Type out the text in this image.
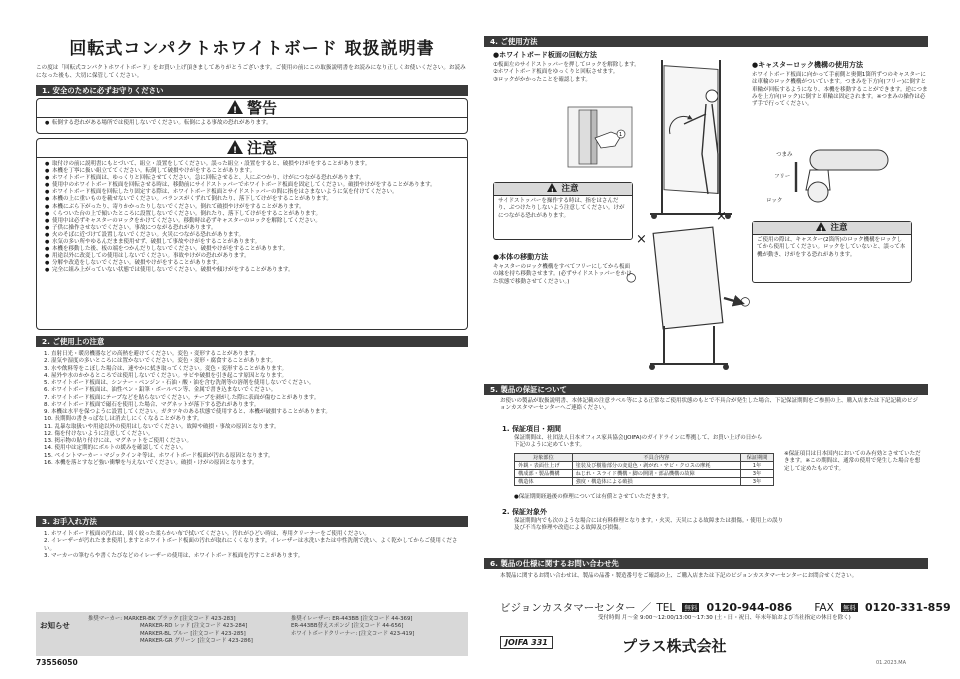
回転式コンパクトホワイトボード 取扱説明書
この度は「回転式コンパクトホワイトボード」をお買い上げ頂きましてありがとうございます。ご使用の前にこの取扱説明書をお読みになり正しくお使いください。お読みになった後も、大切に保管してください。
1. 安全のために必ずお守りください
!警告
● 転倒する恐れがある場所では使用しないでください。転倒による事故の恐れがあります。
!注意
● 取付けの前に説明書にもとづいて、組立・設置をしてください。誤った組立・設置をすると、破損やけがをすることがあります。
● 本機を丁寧に扱い組立ててください。転倒して破損やけがをすることがあります。
● ホワイトボード板面は、ゆっくりと回転させてください。急に回転させると、人にぶつかり、けがにつながる恐れがあります。
● 使用中のホワイトボード板面を回転させる時は、移動前にサイドストッパーでホワイトボード板面を固定してください。破損やけがをすることがあります。
● ホワイトボード板面を回転したり固定する際は、ホワイトボード板面とサイドストッパーの間に指をはさまないように気を付けてください。
● 本機の上に重いものを載せないでください。バランスがくずれて倒れたり、落下してけがをすることがあります。
● 本機にぶら下がったり、寄りかかったりしないでください。倒れて破損やけがをすることがあります。
● くらついた台の上で傾いたところに設置しないでください。倒れたり、落下してけがをすることがあります。
● 使用中は必ずキャスターのロックをかけてください。移動時は必ずキャスターのロックを解除してください。
● 子供に操作させないでください。事故につながる恐れがあります。
● 火のそばに近づけて設置しないでください。火災につながる恐れがあります。
● 水気の多い所やゆるんだまま使用せず、破損して事故やけがをすることがあります。
● 本機を移動した後、板の端をつかんだりしないでください。破損やけがをすることがあります。
● 用途以外に改変しての使用はしないでください。事故やけがの恐れがあります。
● 分解や改造をしないでください。破損やけがをすることがあります。
● 完全に組み上がっていない状態では使用しないでください。破損や傾けがをすることがあります。
2. ご使用上の注意
1. 直射日光・暖房機器などの高熱を避けてください。変色・変形することがあります。
2. 湿気や湿度の多いところには置かないでください。変色・変形・腐食することがあります。
3. 水や飲料等をこぼした場合は、速やかに拭き取ってください。変色・変形することがあります。
4. 屋外や水のかかるところでは使用しないでください。サビや破損を引き起こす原因となります。
5. ホワイトボード板面は、シンナー・ベンジン・石油・酸・油を含む洗剤等の溶剤を使用しないでください。
6. ホワイトボード板面は、油性ペン・鉛筆・ボールペン等、金属で書き込まないでください。
7. ホワイトボード板面にテープなどを貼らないでください。テープを剥がした際に表面が傷むことがあります。
8. ホワイトボード板面で磁石を使用した場合、マグネットが落下する恐れがあります。
9. 本機は水平を保つように設置してください。ガタツキのある状態で使用すると、本機が破損することがあります。
10. 長期間の書きっぱなしは消去しにくくなることがあります。
11. 乱暴な取扱いや用途以外の使用はしないでください。故障や破損・事故の原因となります。
12. 傷を付けないように注意してください。
13. 掲示物の貼り付けには、マグネットをご使用ください。
14. 使用中は定期的にボルトの緩みを確認してください。
15. ペイントマーカー・マジックインキ等は、ホワイトボード板面が汚れる原因となります。
16. 本機を落とすなど強い衝撃を与えないでください。破損・けがの原因となります。
3. お手入れ方法
1. ホワイトボード板面の汚れは、固く絞った柔らかい布で拭いてください。汚れがひどい時は、専用クリーナーをご使用ください。
2. イレーザーが汚れたまま使用しますとホワイトボード板面の汚れが取れにくくなります。イレーザーは水洗いまたは中性洗剤で洗い、よく乾かしてからご使用ください。
3. マーカーの筆むらや書くたびなどのイレーザーの使用は、ホワイトボード板面を汚すことがあります。
お知らせ
推奨マーカー: MARKER-BK ブラック [注文コード 423-283]
MARKER-RD レッド [注文コード 423-284]
MARKER-BL ブルー [注文コード 423-285]
MARKER-GR グリーン [注文コード 423-286]
推奨イレーザー: ER-443BB [注文コード 44-369]
ER-443BB替えスポンジ [注文コード 44-656]
ホワイトボードクリーナー: [注文コード 423-419]
73556050
4. ご使用方法
●ホワイトボード板面の回転方法
①板面左のサイドストッパーを押してロックを解除します。
②ホワイトボード板面をゆっくりと回転させます。
③ロックがかかったことを確認します。
1
!注意
サイドストッパーを操作する時は、指をはさんだり、ぶつけたりしないよう注意してください。けがにつながる恐れがあります。
●本体の移動方法
キャスターのロック機構をすべてフリーにしてから板面の縁を持ち移動させます。(必ずサイドストッパーをかけた状態で移動させてください。)
×
×
○
○
●キャスターロック機構の使用方法
ホワイトボード板面に向かって手前側と奥側1箇所ずつのキャスターには車輪のロック機構がついています。つまみを下方向(フリー)に倒すと車輪が回転するようになり、本機を移動することができます。逆につまみを上方向(ロック)に倒すと車輪は固定されます。※つまみの操作は必ず手で行ってください。
つまみ
フリー
ロック
!注意
ご使用の際は、キャスター(2箇所)のロック機構をロックしてから使用してください。ロックをしていないと、誤って本機が動き、けがをする恐れがあります。
5. 製品の保証について
お使いの製品が取扱説明書、本体記載の注意ラベル等による正常なご使用状態のもとで不具合が発生した場合、下記保証期間をご参照の上、購入店または下記記載のビジョンカスタマーセンターへご連絡ください。
1. 保証項目・期間
保証期間は、社団法人日本オフィス家具協会(JOIFA)のガイドラインに準拠して、お買い上げの日から下記のように定めています。
対象部位	不具合内容	保証期間
外観・表面仕上げ	塗装及び樹脂部分の変退色・剥がれ・サビ・クロスの摩耗	1年
構成部・製品機構	ねじれ・スライド機構・脚の開閉・部品機構の故障	3年
構造体	強度・構造体による破損	3年
●保証期間経過後の修理については有償とさせていただきます。
※保証項目は日本国内においてのみ有効とさせていただきます。※この期間は、通常の使用で発生した場合を想定して定めたものです。
2. 保証対象外
保証期間内でも次のような場合には有料修理となります。・火災、天災による故障または損傷。・使用上の誤り及び不当な修理や改造による故障及び損傷。
6. 製品の仕様に関するお問い合わせ先
本製品に関するお問い合わせは、製品の品番・製造番号をご確認の上、ご購入店または下記のビジョンカスタマーセンターにお問合せください。
ビジョンカスタマーセンター ／ TEL 無料 0120-944-086 FAX 無料 0120-331-859
受付時間 月～金 9:00～12:00/13:00～17:30 (土・日・祝日、年末年始および当社指定の休日を除く)
JOIFA 331	プラス株式会社
01.2023.MA
